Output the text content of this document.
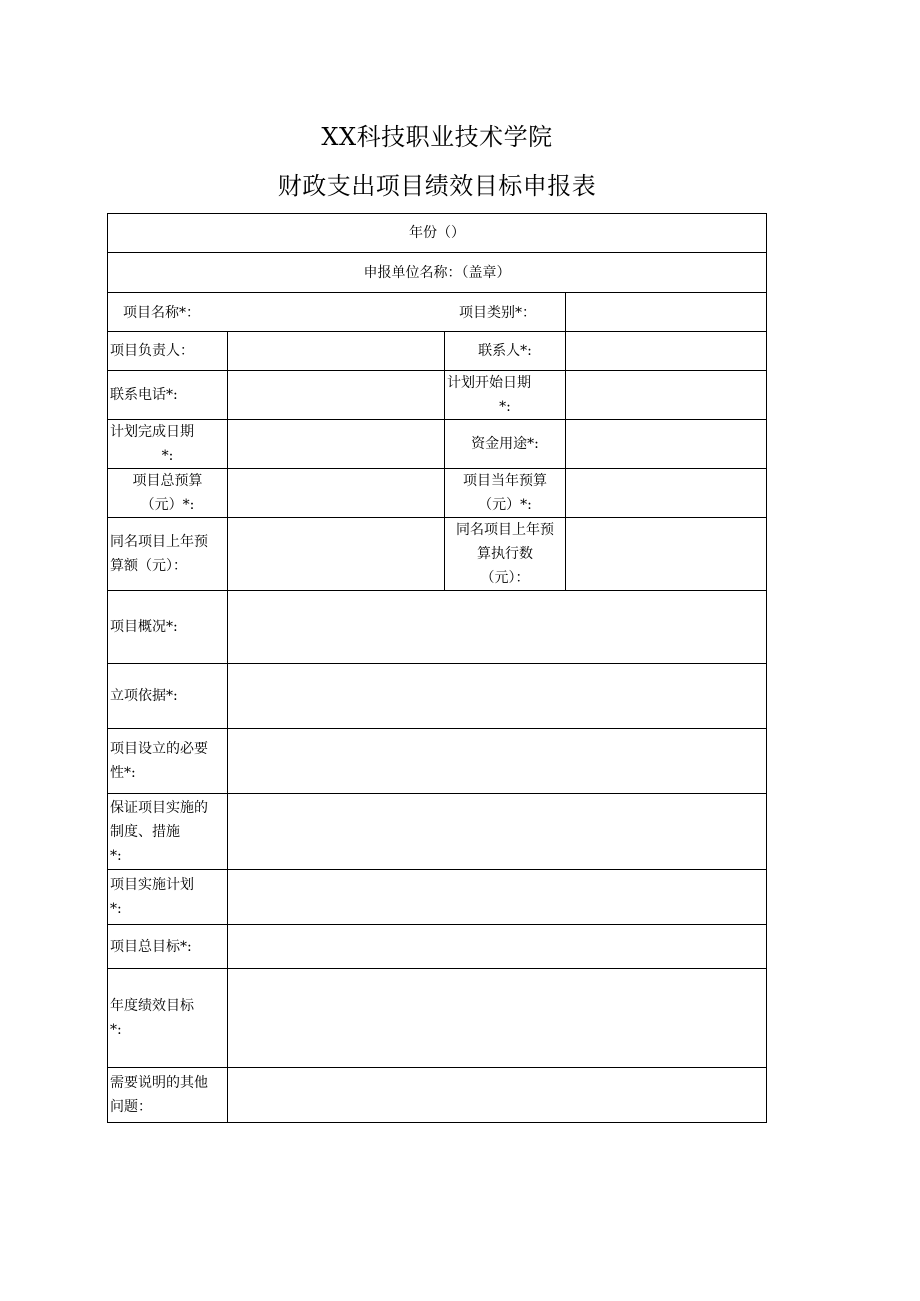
XX科技职业技术学院
财政支出项目绩效目标申报表
年份（）
申报单位名称：（盖章）
项目名称*：	项目类别*：
项目负责人：	联系人*:
联系电话*:
计划开始日期
*:
计划完成日期
*:
资金用途*:
项目总预算
（元）*:
项目当年预算
（元）*:
同名项目上年预
算额（元）：
同名项目上年预
算执行数
（元）：
项目概况*:
立项依据*:
项目设立的必要
性*:
保证项目实施的
制度、措施
*:
项目实施计划
*:
项目总目标*:
年度绩效目标
*:
需要说明的其他
问题：
